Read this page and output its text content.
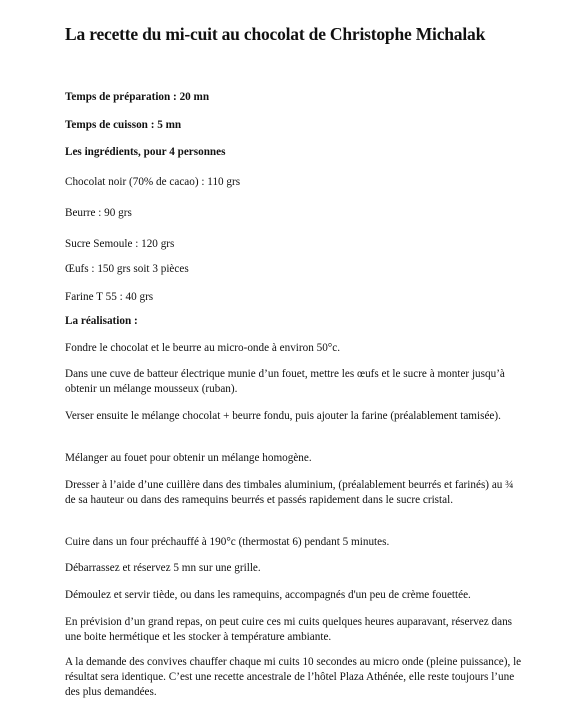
La recette du mi-cuit au chocolat de Christophe Michalak
Temps de préparation : 20 mn
Temps de cuisson : 5 mn
Les ingrédients, pour 4 personnes
Chocolat noir (70% de cacao) : 110 grs
Beurre : 90 grs
Sucre Semoule : 120 grs
Œufs : 150 grs soit 3 pièces
Farine T 55 : 40 grs
La réalisation :
Fondre le chocolat et le beurre au micro-onde à environ 50°c.
Dans une cuve de batteur électrique munie d’un fouet, mettre les œufs et le sucre à monter jusqu’à obtenir un mélange mousseux (ruban).
Verser ensuite le mélange chocolat + beurre fondu, puis ajouter la farine (préalablement tamisée).
Mélanger au fouet pour obtenir un mélange homogène.
Dresser à l’aide d’une cuillère dans des timbales aluminium, (préalablement beurrés et farinés) au ¾ de sa hauteur ou dans des ramequins beurrés et passés rapidement dans le sucre cristal.
Cuire dans un four préchauffé à 190°c (thermostat 6) pendant 5 minutes.
Débarrassez et réservez 5 mn sur une grille.
Démoulez et servir tiède, ou dans les ramequins, accompagnés d'un peu de crème fouettée.
En prévision d’un grand repas, on peut cuire ces mi cuits quelques heures auparavant, réservez dans une boite hermétique et les stocker à température ambiante.
A la demande des convives chauffer chaque mi cuits 10 secondes au micro onde (pleine puissance), le résultat sera identique. C’est une recette ancestrale de l’hôtel Plaza Athénée, elle reste toujours l’une des plus demandées.
